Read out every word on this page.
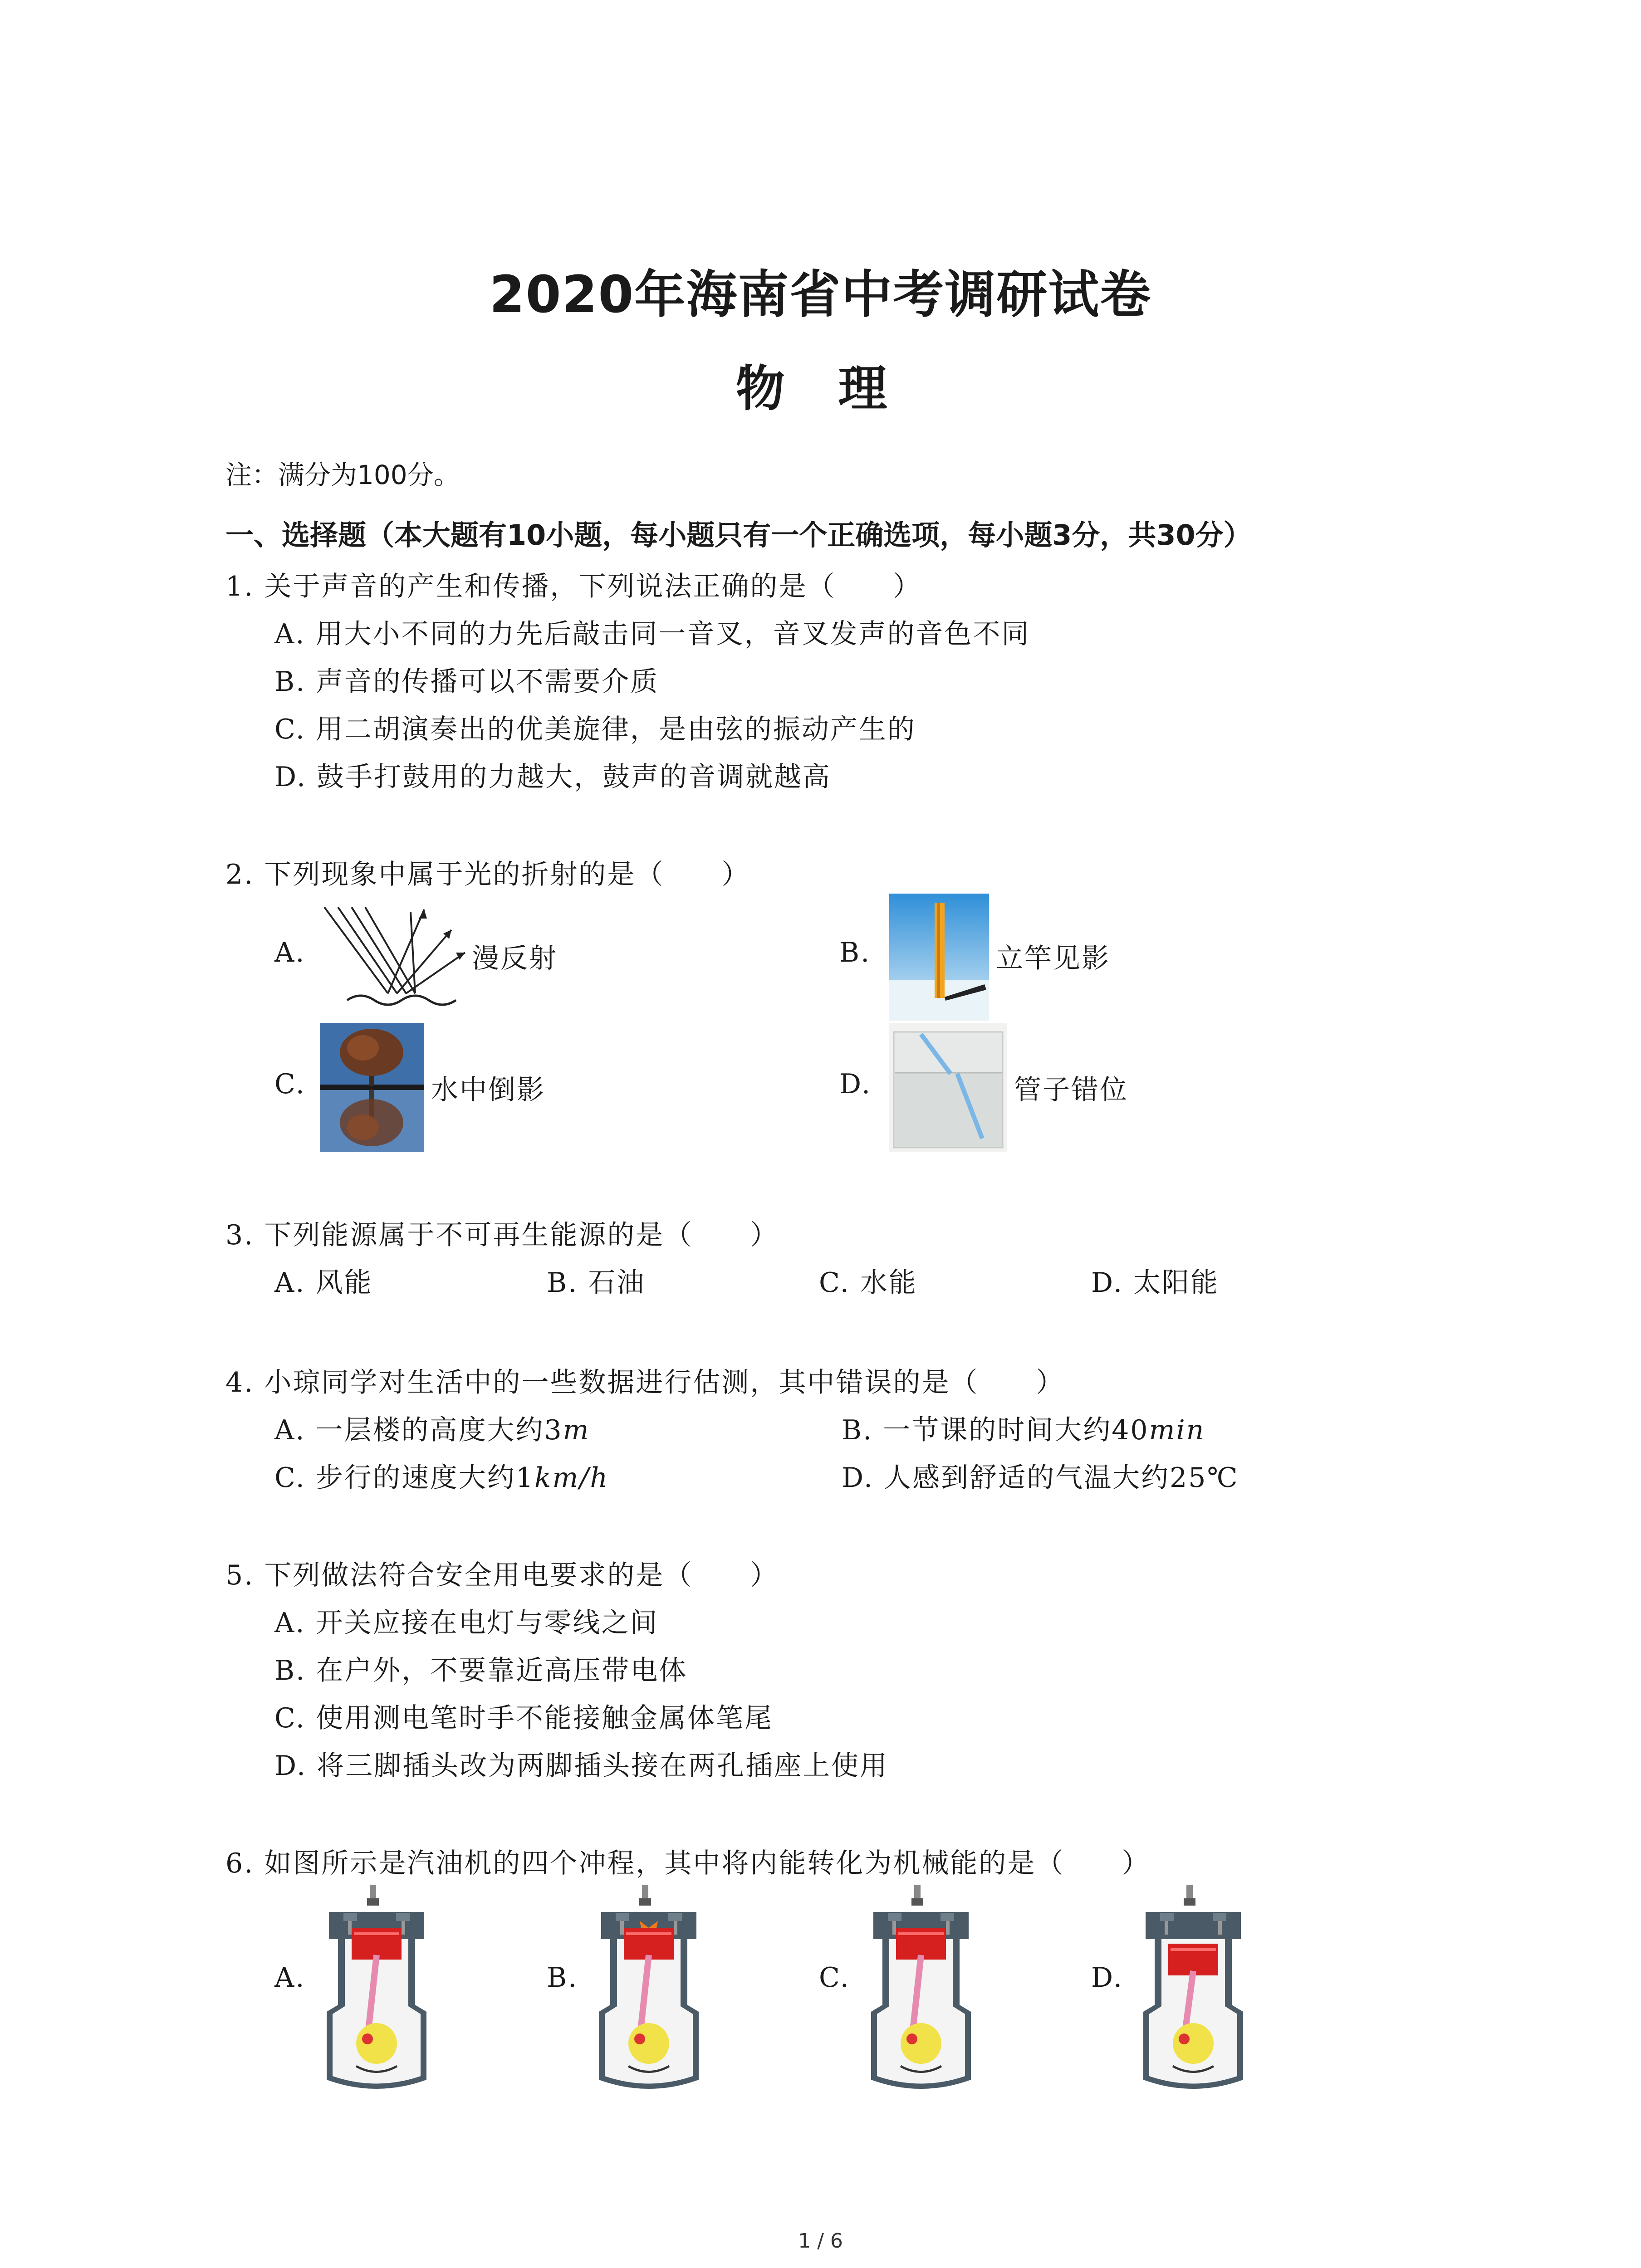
2020年海南省中考调研试卷
物 理
注：满分为100分。
一、选择题（本大题有10小题，每小题只有一个正确选项，每小题3分，共30分）
1. 关于声音的产生和传播，下列说法正确的是（　　）
A. 用大小不同的力先后敲击同一音叉，音叉发声的音色不同
B. 声音的传播可以不需要介质
C. 用二胡演奏出的优美旋律，是由弦的振动产生的
D. 鼓手打鼓用的力越大，鼓声的音调就越高
2. 下列现象中属于光的折射的是（　　）
A.	漫反射	B.	立竿见影
C.	水中倒影	D.	管子错位
3. 下列能源属于不可再生能源的是（　　）
A. 风能	B. 石油	C. 水能	D. 太阳能
4. 小琼同学对生活中的一些数据进行估测，其中错误的是（　　）
A. 一层楼的高度大约3m	B. 一节课的时间大约40min
C. 步行的速度大约1km/h	D. 人感到舒适的气温大约25℃
5. 下列做法符合安全用电要求的是（　　）
A. 开关应接在电灯与零线之间
B. 在户外，不要靠近高压带电体
C. 使用测电笔时手不能接触金属体笔尾
D. 将三脚插头改为两脚插头接在两孔插座上使用
6. 如图所示是汽油机的四个冲程，其中将内能转化为机械能的是（　　）
A.	B.	C.	D.
1 / 6
